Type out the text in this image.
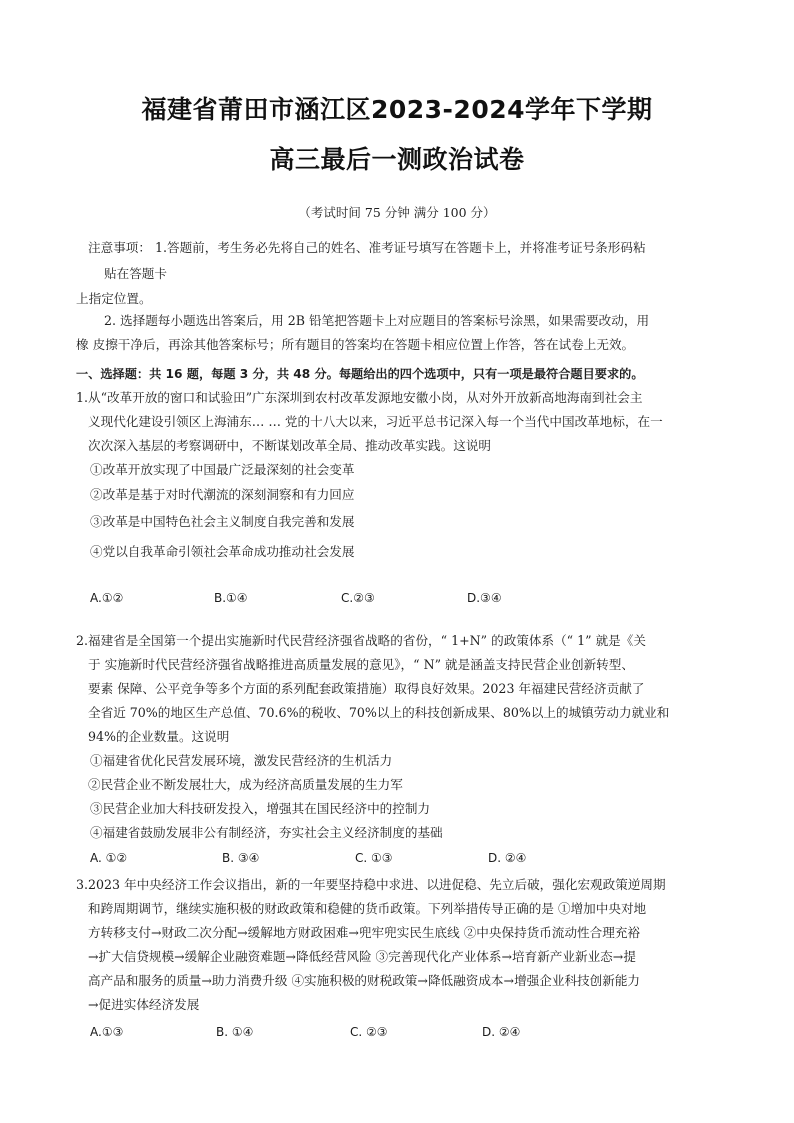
福建省莆田市涵江区2023-2024学年下学期
高三最后一测政治试卷
（考试时间 75 分钟 满分 100 分）
注意事项： 1.答题前，考生务必先将自己的姓名、准考证号填写在答题卡上，并将准考证号条形码粘
贴在答题卡
上指定位置。
2. 选择题每小题选出答案后，用 2B 铅笔把答题卡上对应题目的答案标号涂黑，如果需要改动，用
橡 皮擦干净后，再涂其他答案标号；所有题目的答案均在答题卡相应位置上作答，答在试卷上无效。
一、选择题：共 16 题，每题 3 分，共 48 分。每题给出的四个选项中，只有一项是最符合题目要求的。
1.从“改革开放的窗口和试验田”广东深圳到农村改革发源地安徽小岗，从对外开放新高地海南到社会主
义现代化建设引领区上海浦东… … 党的十八大以来，习近平总书记深入每一个当代中国改革地标，在一
次次深入基层的考察调研中，不断谋划改革全局、推动改革实践。这说明
①改革开放实现了中国最广泛最深刻的社会变革
②改革是基于对时代潮流的深刻洞察和有力回应
③改革是中国特色社会主义制度自我完善和发展
④党以自我革命引领社会革命成功推动社会发展
A.①②	B.①④	C.②③	D.③④
2.福建省是全国第一个提出实施新时代民营经济强省战略的省份，“ 1+N” 的政策体系（“ 1” 就是《关
于 实施新时代民营经济强省战略推进高质量发展的意见》，“ N” 就是涵盖支持民营企业创新转型、
要素 保障、公平竞争等多个方面的系列配套政策措施）取得良好效果。2023 年福建民营经济贡献了
全省近 70%的地区生产总值、70.6%的税收、70%以上的科技创新成果、80%以上的城镇劳动力就业和
94%的企业数量。这说明
①福建省优化民营发展环境，激发民营经济的生机活力
②民营企业不断发展壮大，成为经济高质量发展的生力军
③民营企业加大科技研发投入，增强其在国民经济中的控制力
④福建省鼓励发展非公有制经济，夯实社会主义经济制度的基础
A. ①②	B. ③④	C. ①③	D. ②④
3.2023 年中央经济工作会议指出，新的一年要坚持稳中求进、以进促稳、先立后破，强化宏观政策逆周期
和跨周期调节，继续实施积极的财政政策和稳健的货币政策。下列举措传导正确的是 ①增加中央对地
方转移支付→财政二次分配→缓解地方财政困难→兜牢兜实民生底线 ②中央保持货币流动性合理充裕
→扩大信贷规模→缓解企业融资难题→降低经营风险 ③完善现代化产业体系→培育新产业新业态→提
高产品和服务的质量→助力消费升级 ④实施积极的财税政策→降低融资成本→增强企业科技创新能力
→促进实体经济发展
A.①③	B. ①④	C. ②③	D. ②④
